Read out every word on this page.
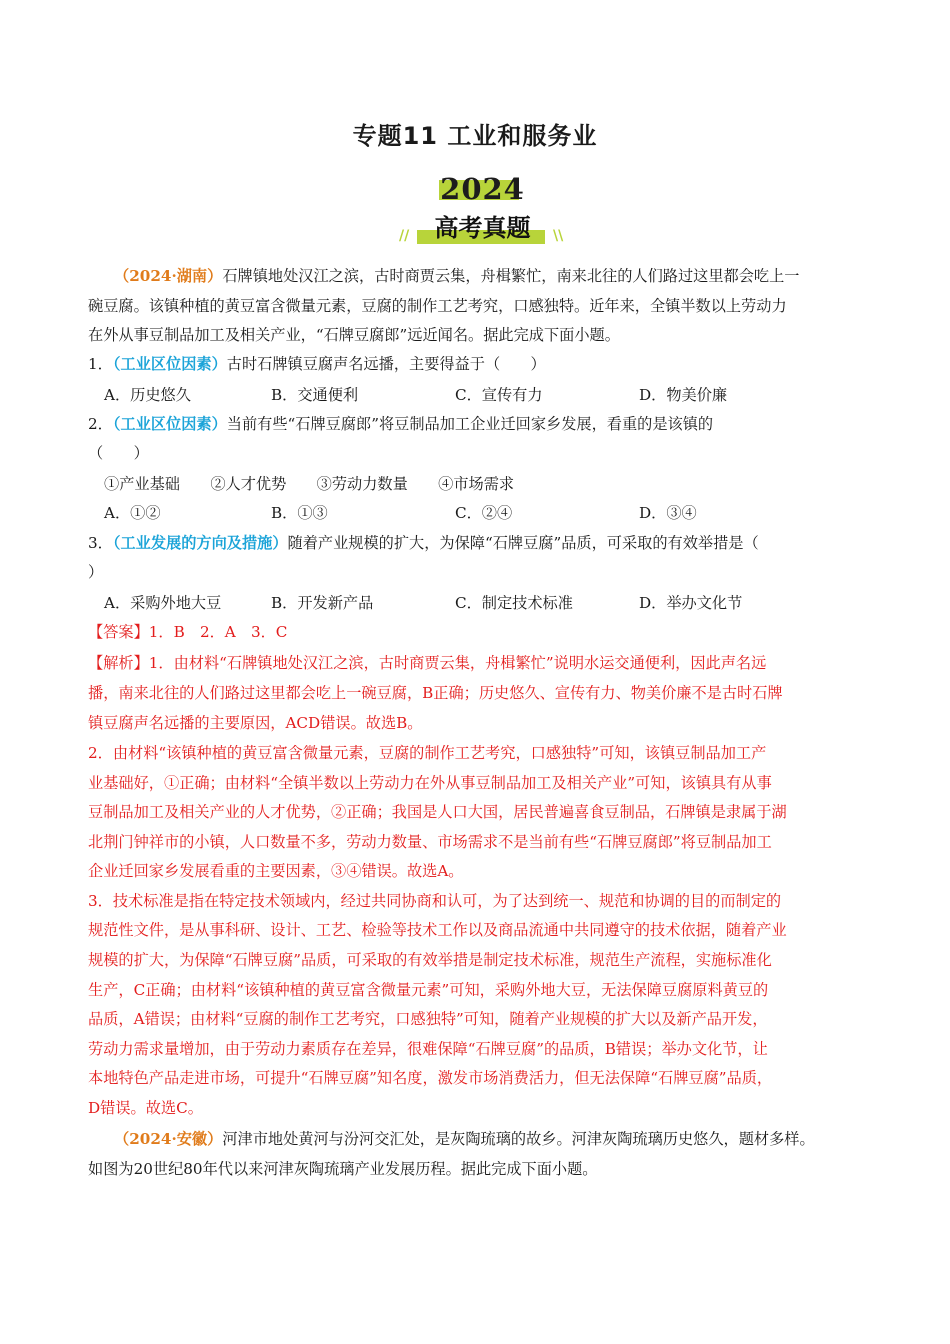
专题11 工业和服务业
2024
//	\\
高考真题
（2024·湖南）石牌镇地处汉江之滨，古时商贾云集，舟楫繁忙，南来北往的人们路过这里都会吃上一
碗豆腐。该镇种植的黄豆富含微量元素，豆腐的制作工艺考究，口感独特。近年来，全镇半数以上劳动力
在外从事豆制品加工及相关产业，“石牌豆腐郎”远近闻名。据此完成下面小题。
1．（工业区位因素）古时石牌镇豆腐声名远播，主要得益于（　　）
A．历史悠久	B．交通便利	C．宣传有力	D．物美价廉
2．（工业区位因素）当前有些“石牌豆腐郎”将豆制品加工企业迁回家乡发展，看重的是该镇的
（　　）
①产业基础　　②人才优势　　③劳动力数量　　④市场需求
A．①②	B．①③	C．②④	D．③④
3．（工业发展的方向及措施）随着产业规模的扩大，为保障“石牌豆腐”品质，可采取的有效举措是（
）
A．采购外地大豆	B．开发新产品	C．制定技术标准	D．举办文化节
【答案】1．B　2．A　3．C
【解析】1．由材料“石牌镇地处汉江之滨，古时商贾云集，舟楫繁忙”说明水运交通便利，因此声名远
播，南来北往的人们路过这里都会吃上一碗豆腐，B正确；历史悠久、宣传有力、物美价廉不是古时石牌
镇豆腐声名远播的主要原因，ACD错误。故选B。
2．由材料“该镇种植的黄豆富含微量元素，豆腐的制作工艺考究，口感独特”可知，该镇豆制品加工产
业基础好，①正确；由材料“全镇半数以上劳动力在外从事豆制品加工及相关产业”可知，该镇具有从事
豆制品加工及相关产业的人才优势，②正确；我国是人口大国，居民普遍喜食豆制品，石牌镇是隶属于湖
北荆门钟祥市的小镇，人口数量不多，劳动力数量、市场需求不是当前有些“石牌豆腐郎”将豆制品加工
企业迁回家乡发展看重的主要因素，③④错误。故选A。
3．技术标准是指在特定技术领域内，经过共同协商和认可，为了达到统一、规范和协调的目的而制定的
规范性文件，是从事科研、设计、工艺、检验等技术工作以及商品流通中共同遵守的技术依据，随着产业
规模的扩大，为保障“石牌豆腐”品质，可采取的有效举措是制定技术标准，规范生产流程，实施标准化
生产，C正确；由材料“该镇种植的黄豆富含微量元素”可知，采购外地大豆，无法保障豆腐原料黄豆的
品质，A错误；由材料“豆腐的制作工艺考究，口感独特”可知，随着产业规模的扩大以及新产品开发，
劳动力需求量增加，由于劳动力素质存在差异，很难保障“石牌豆腐”的品质，B错误；举办文化节，让
本地特色产品走进市场，可提升“石牌豆腐”知名度，激发市场消费活力，但无法保障“石牌豆腐”品质，
D错误。故选C。
（2024·安徽）河津市地处黄河与汾河交汇处，是灰陶琉璃的故乡。河津灰陶琉璃历史悠久，题材多样。
如图为20世纪80年代以来河津灰陶琉璃产业发展历程。据此完成下面小题。
